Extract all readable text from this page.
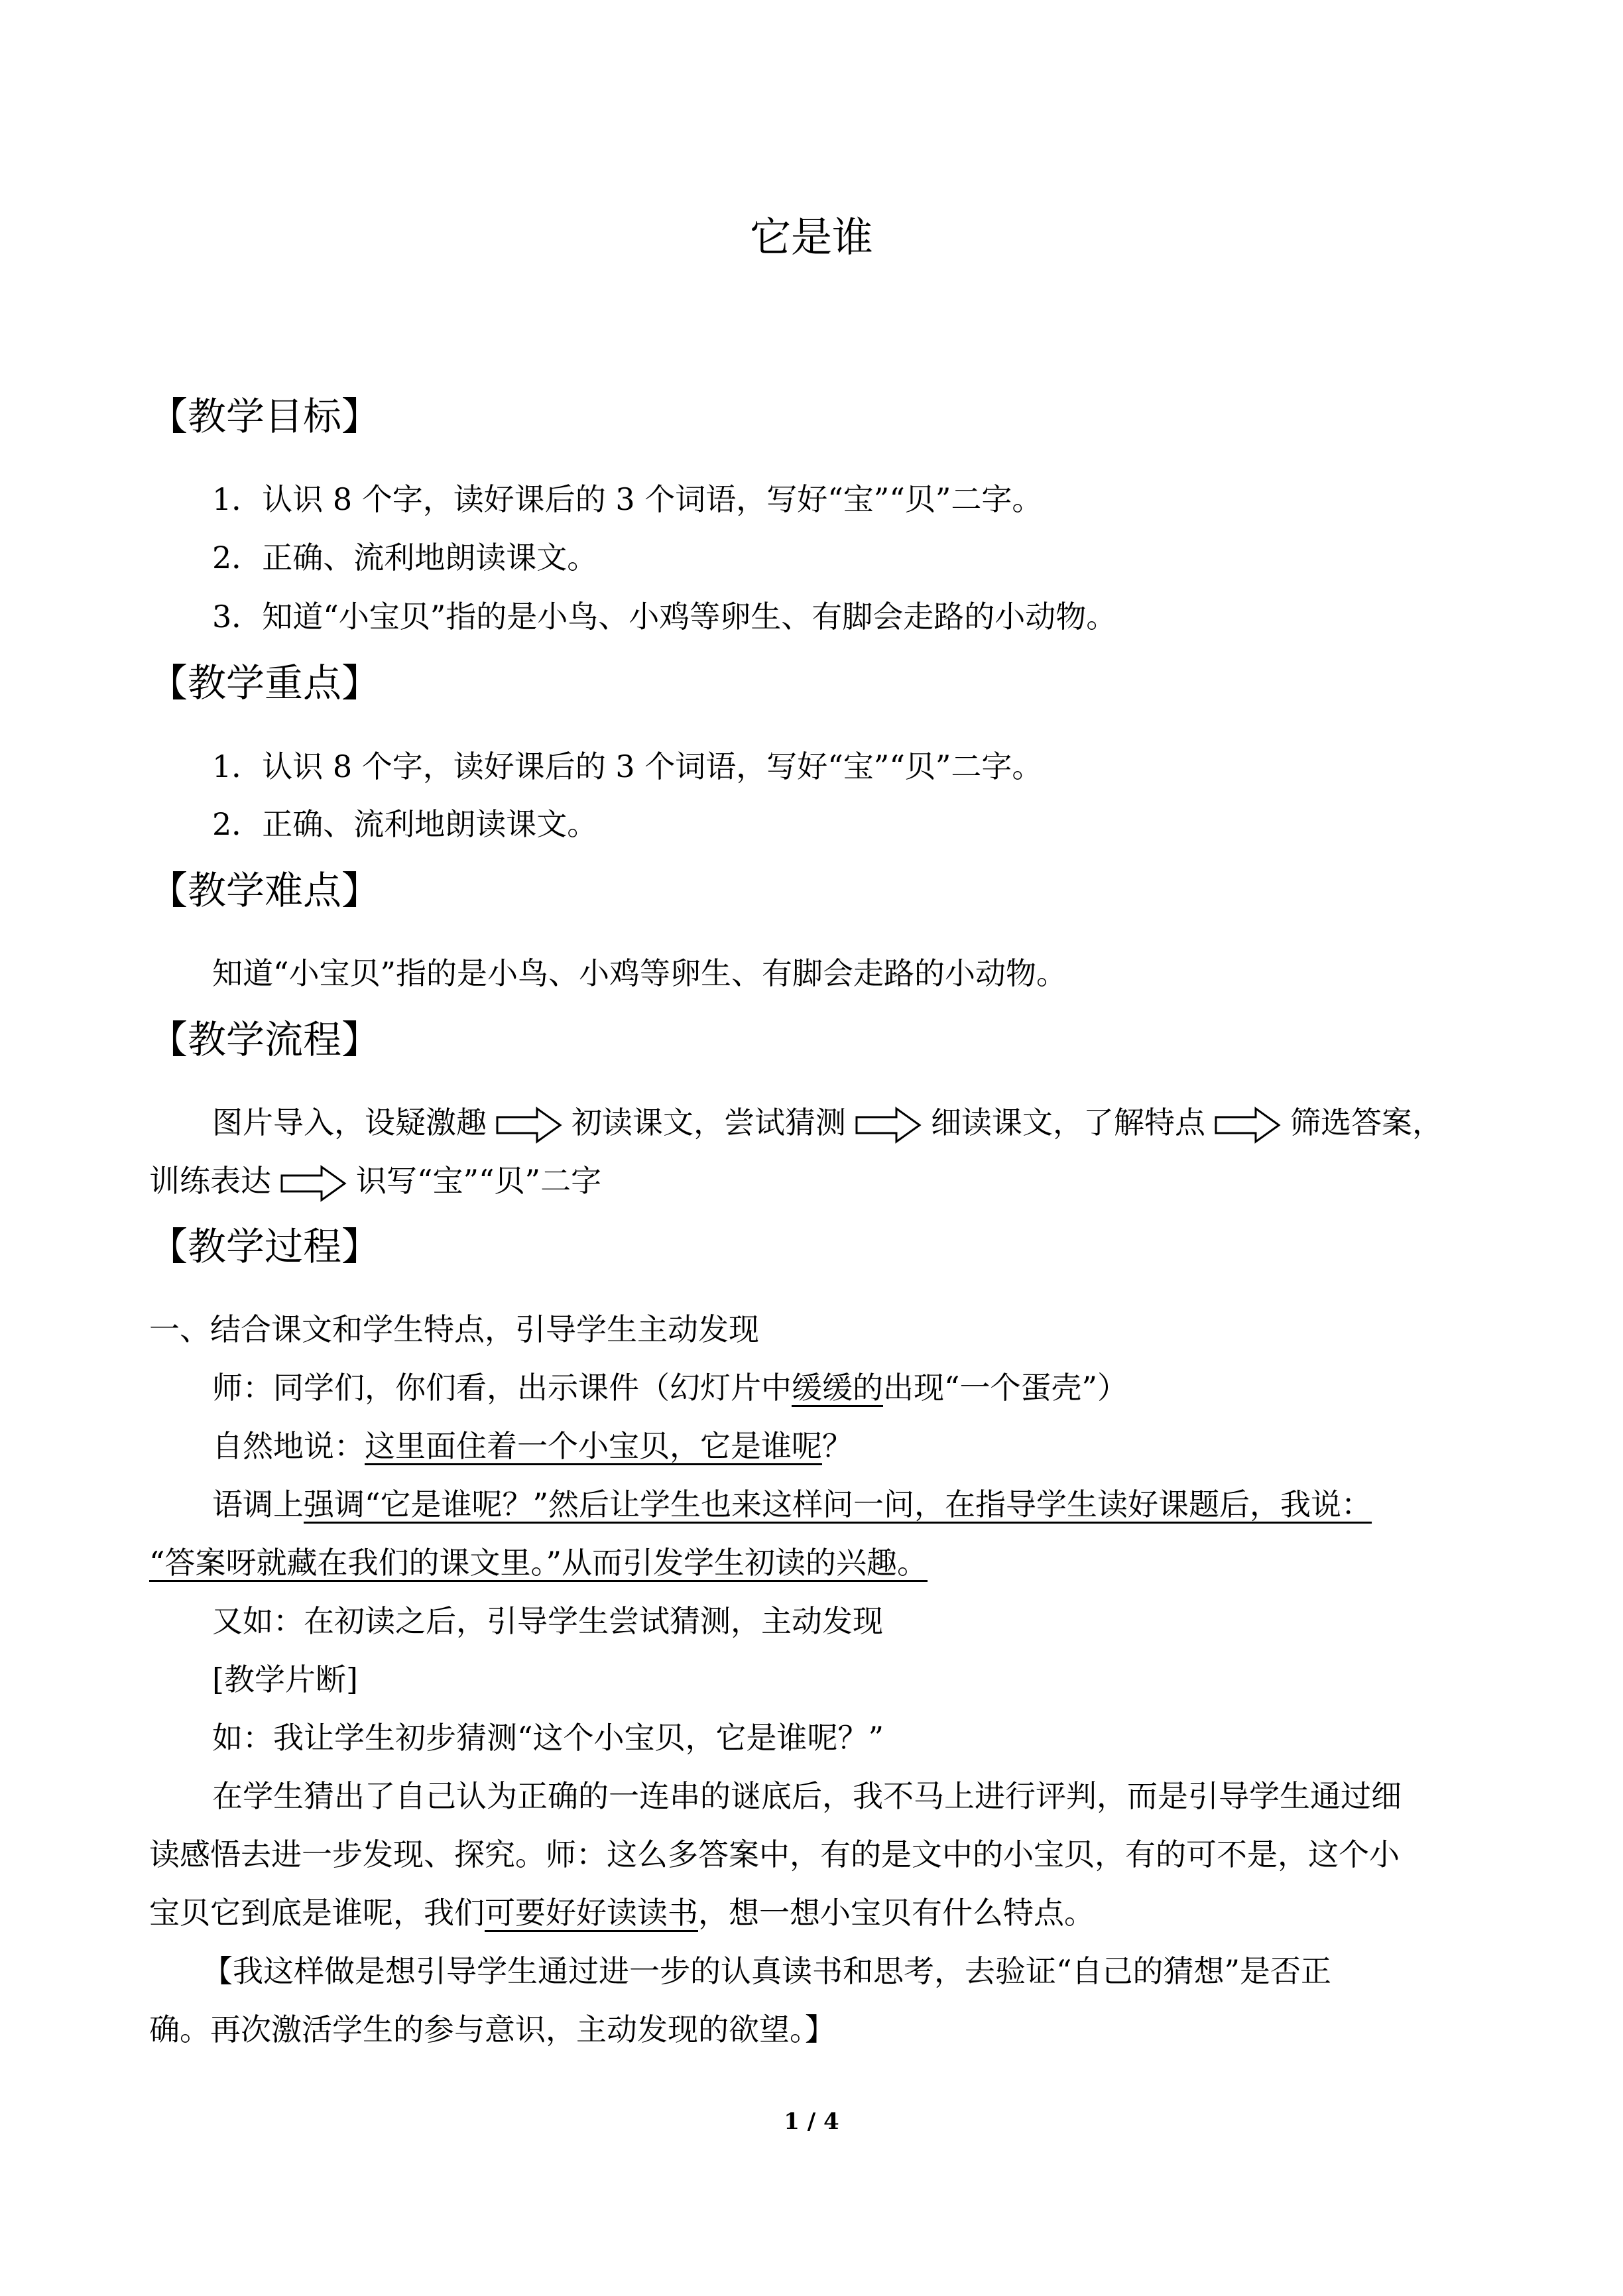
它是谁
【教学目标】
1．认识 8 个字，读好课后的 3 个词语，写好“宝”“贝”二字。
2．正确、流利地朗读课文。
3．知道“小宝贝”指的是小鸟、小鸡等卵生、有脚会走路的小动物。
【教学重点】
1．认识 8 个字，读好课后的 3 个词语，写好“宝”“贝”二字。
2．正确、流利地朗读课文。
【教学难点】
知道“小宝贝”指的是小鸟、小鸡等卵生、有脚会走路的小动物。
【教学流程】
图片导入，设疑激趣	初读课文，尝试猜测	细读课文，了解特点	筛选答案，
训练表达	识写“宝”“贝”二字
【教学过程】
一、结合课文和学生特点，引导学生主动发现
师：同学们，你们看，出示课件（幻灯片中缓缓的出现“一个蛋壳”）
自然地说：这里面住着一个小宝贝，它是谁呢？
语调上强调“它是谁呢？”然后让学生也来这样问一问，在指导学生读好课题后，我说：
“答案呀就藏在我们的课文里。”从而引发学生初读的兴趣。
又如：在初读之后，引导学生尝试猜测，主动发现
[教学片断]
如：我让学生初步猜测“这个小宝贝，它是谁呢？”
在学生猜出了自己认为正确的一连串的谜底后，我不马上进行评判，而是引导学生通过细
读感悟去进一步发现、探究。师：这么多答案中，有的是文中的小宝贝，有的可不是，这个小
宝贝它到底是谁呢，我们可要好好读读书，想一想小宝贝有什么特点。
【我这样做是想引导学生通过进一步的认真读书和思考，去验证“自己的猜想”是否正
确。再次激活学生的参与意识，主动发现的欲望。】
1 / 4
